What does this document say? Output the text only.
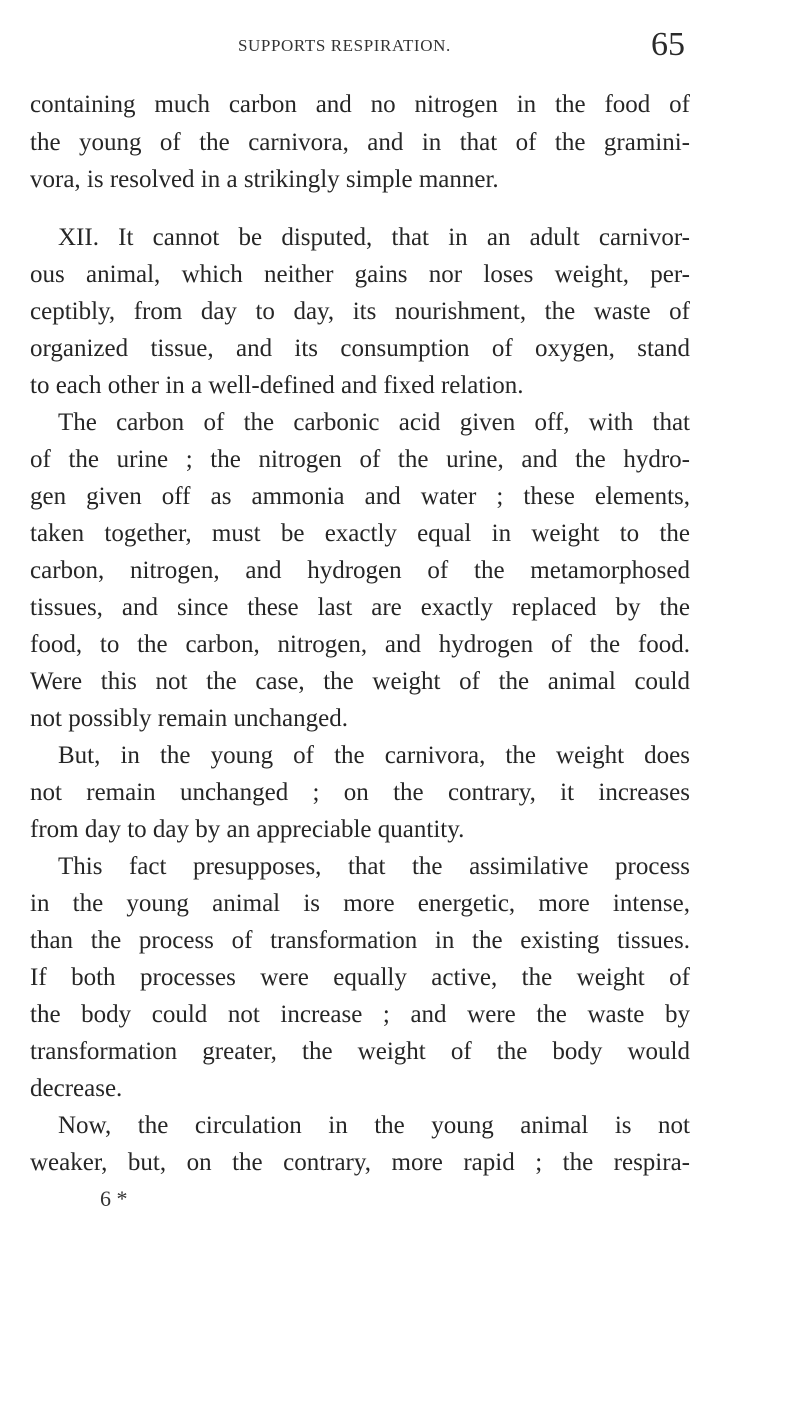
SUPPORTS RESPIRATION.	65
containing much carbon and no nitrogen in the food of
the young of the carnivora, and in that of the gramini-
vora, is resolved in a strikingly simple manner.
XII. It cannot be disputed, that in an adult carnivor-
ous animal, which neither gains nor loses weight, per-
ceptibly, from day to day, its nourishment, the waste of
organized tissue, and its consumption of oxygen, stand
to each other in a well-defined and fixed relation.
The carbon of the carbonic acid given off, with that
of the urine ; the nitrogen of the urine, and the hydro-
gen given off as ammonia and water ; these elements,
taken together, must be exactly equal in weight to the
carbon, nitrogen, and hydrogen of the metamorphosed
tissues, and since these last are exactly replaced by the
food, to the carbon, nitrogen, and hydrogen of the food.
Were this not the case, the weight of the animal could
not possibly remain unchanged.
But, in the young of the carnivora, the weight does
not remain unchanged ; on the contrary, it increases
from day to day by an appreciable quantity.
This fact presupposes, that the assimilative process
in the young animal is more energetic, more intense,
than the process of transformation in the existing tissues.
If both processes were equally active, the weight of
the body could not increase ; and were the waste by
transformation greater, the weight of the body would
decrease.
Now, the circulation in the young animal is not
weaker, but, on the contrary, more rapid ; the respira-
6 *
